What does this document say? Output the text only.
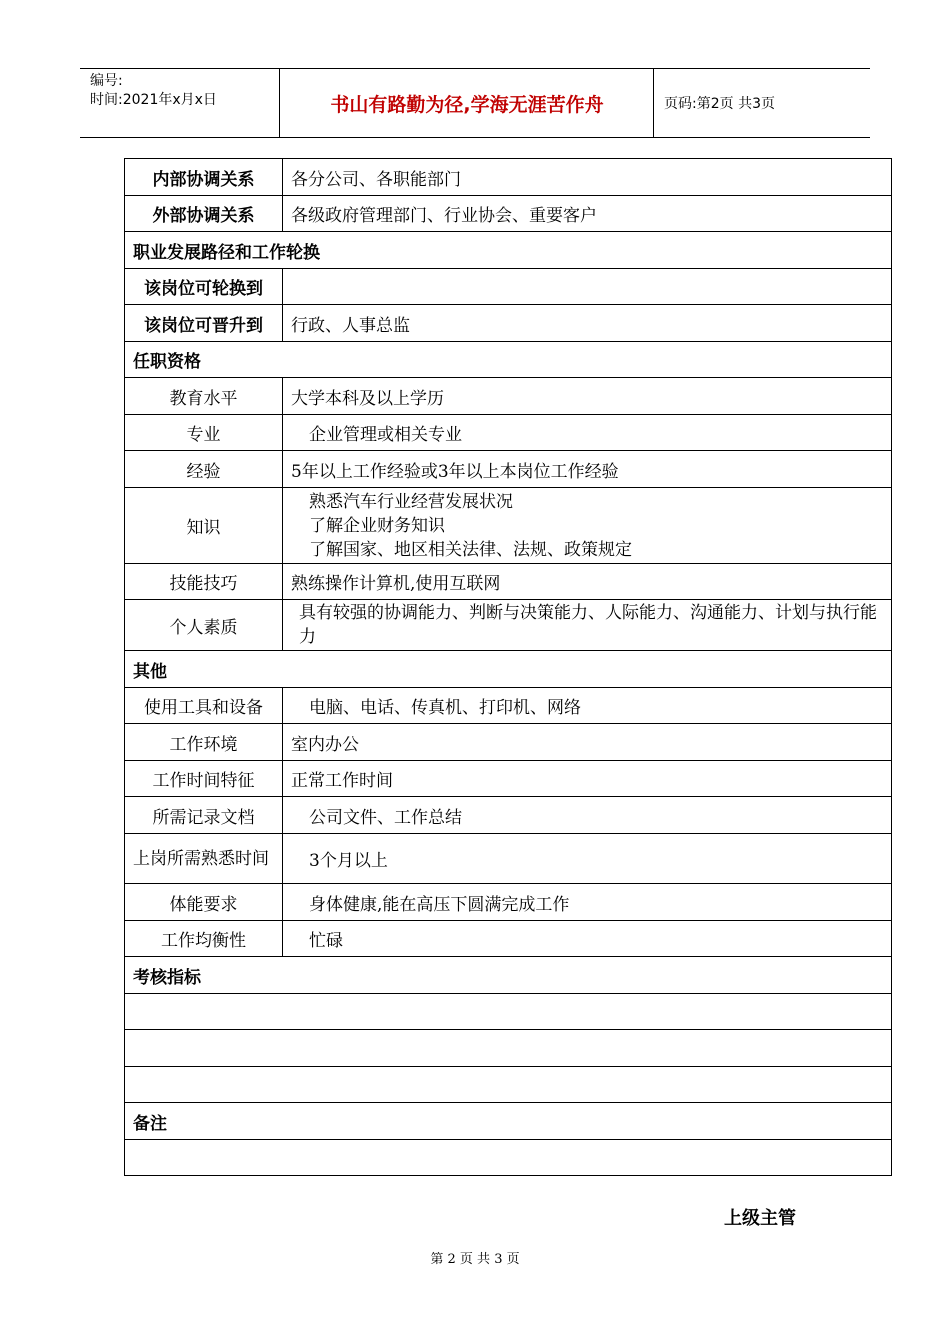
编号:
时间:2021年x月x日	书山有路勤为径,学海无涯苦作舟	页码:第2页 共3页
内部协调关系	各分公司、各职能部门
外部协调关系	各级政府管理部门、行业协会、重要客户
职业发展路径和工作轮换	
该岗位可轮换到	
该岗位可晋升到	行政、人事总监
任职资格	
教育水平	大学本科及以上学历
专业	企业管理或相关专业
经验	5年以上工作经验或3年以上本岗位工作经验
知识	熟悉汽车行业经营发展状况
了解企业财务知识
了解国家、地区相关法律、法规、政策规定

技能技巧	熟练操作计算机,使用互联网
个人素质	具有较强的协调能力、判断与决策能力、人际能力、沟通能力、计划与执行能力
其他	
使用工具和设备	电脑、电话、传真机、打印机、网络
工作环境	室内办公
工作时间特征	正常工作时间
所需记录文档	公司文件、工作总结
上岗所需熟悉时间	3个月以上
体能要求	身体健康,能在高压下圆满完成工作
工作均衡性	忙碌
考核指标	

备注	

上级主管
第 2 页 共 3 页
